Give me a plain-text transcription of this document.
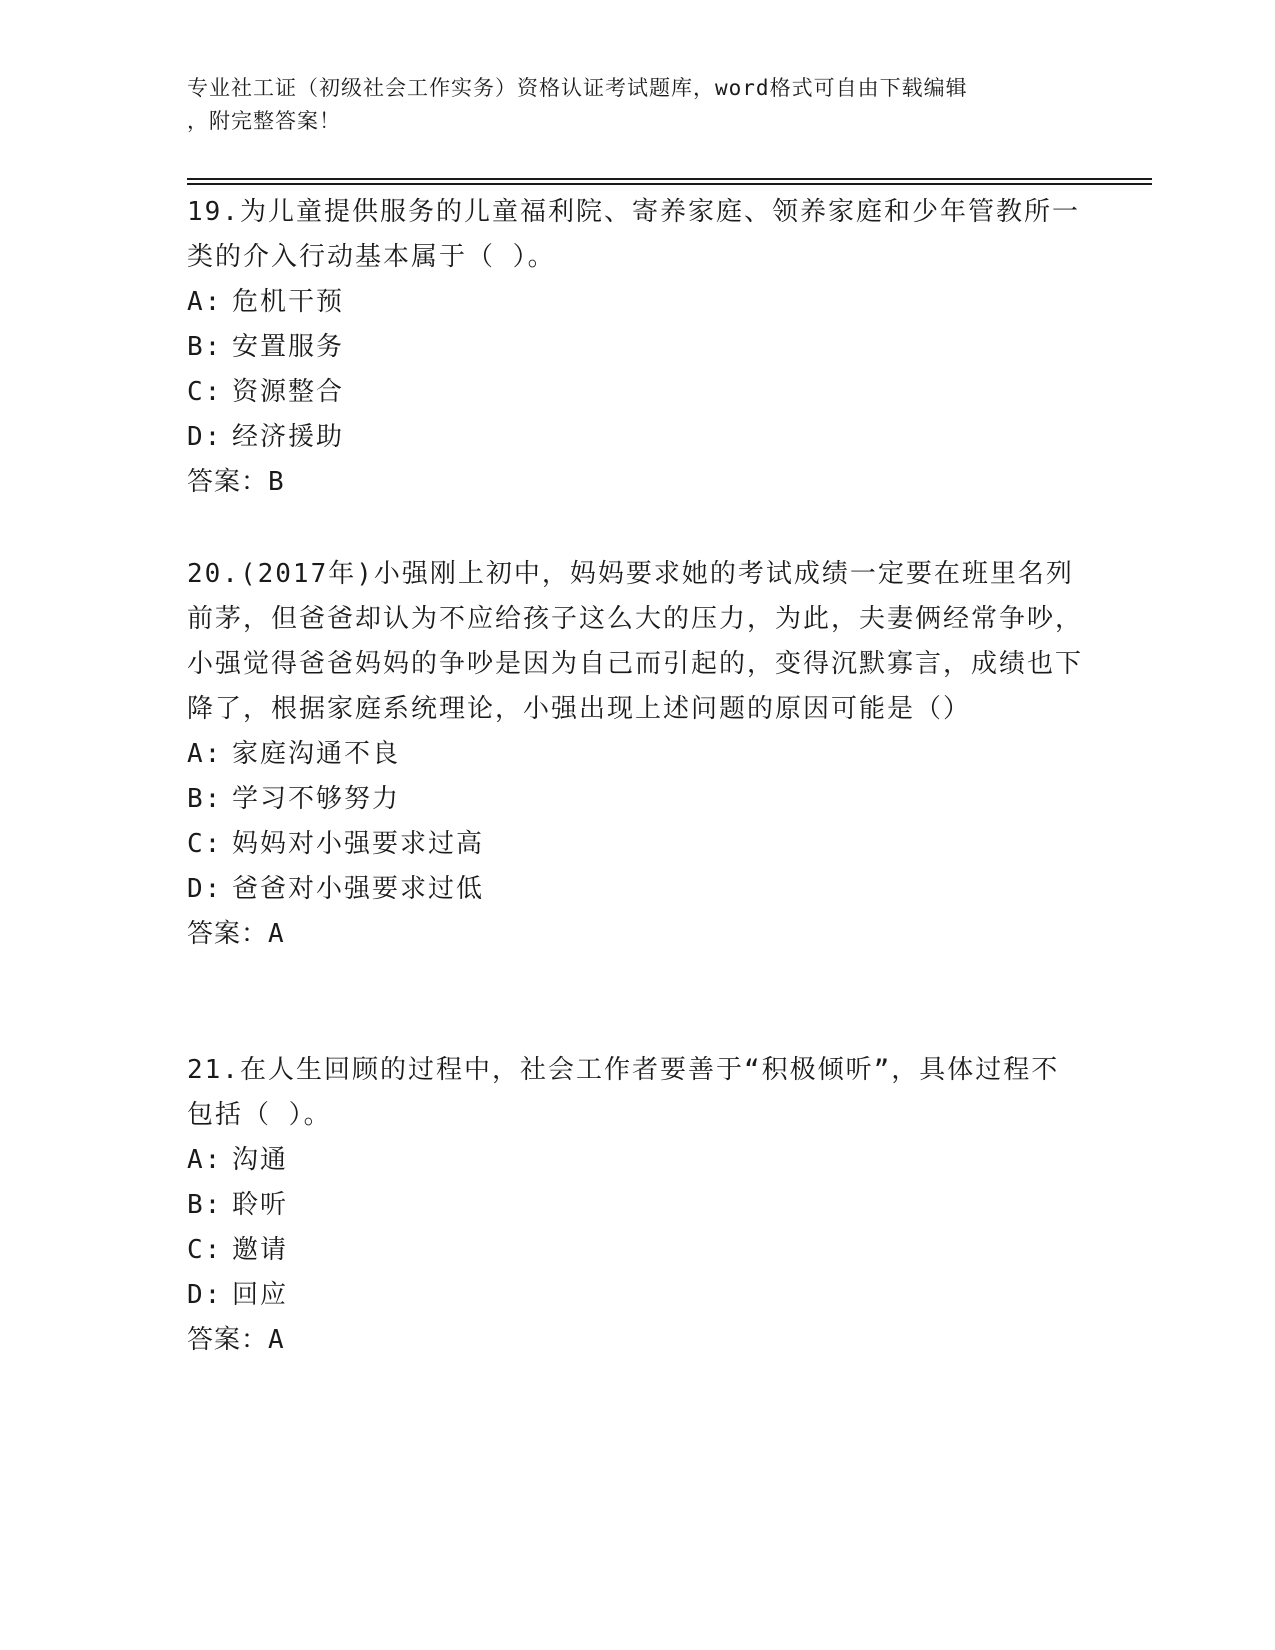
专业社工证（初级社会工作实务）资格认证考试题库，word格式可自由下载编辑
，附完整答案！

19.为儿童提供服务的儿童福利院、寄养家庭、领养家庭和少年管教所一类的介入行动基本属于（ ）。

A: 危机干预

B: 安置服务

C: 资源整合

D: 经济援助

答案：B

20.(2017年)小强刚上初中，妈妈要求她的考试成绩一定要在班里名列前茅，但爸爸却认为不应给孩子这么大的压力，为此，夫妻俩经常争吵，小强觉得爸爸妈妈的争吵是因为自己而引起的，变得沉默寡言，成绩也下降了，根据家庭系统理论，小强出现上述问题的原因可能是（）

A: 家庭沟通不良

B: 学习不够努力

C: 妈妈对小强要求过高

D: 爸爸对小强要求过低

答案：A

21.在人生回顾的过程中，社会工作者要善于“积极倾听”，具体过程不包括（ ）。

A: 沟通

B: 聆听

C: 邀请

D: 回应

答案：A
